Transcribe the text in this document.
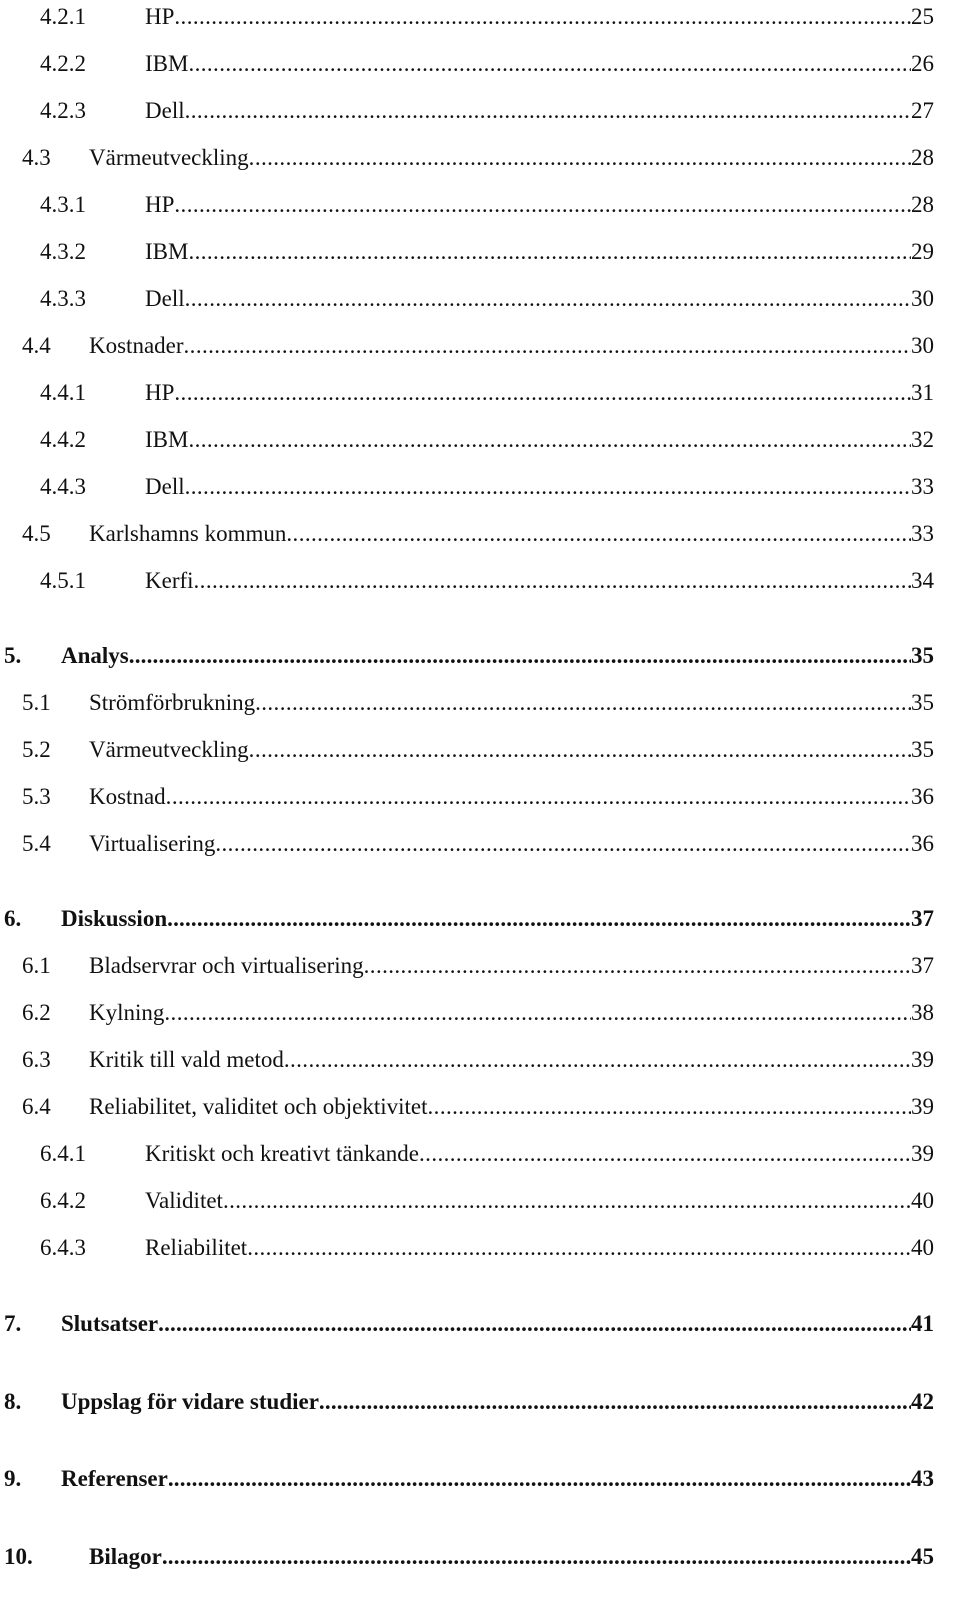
4.2.1	HP .....	25
4.2.2	IBM .....	26
4.2.3	Dell .....	27
4.3 Värmeutveckling .....	28
4.3.1	HP .....	28
4.3.2	IBM .....	29
4.3.3	Dell .....	30
4.4 Kostnader .....	30
4.4.1	HP .....	31
4.4.2	IBM .....	32
4.4.3	Dell .....	33
4.5 Karlshamns kommun .....	33
4.5.1	Kerfi .....	34
5. Analys .....	35
5.1 Strömförbrukning .....	35
5.2 Värmeutveckling .....	35
5.3 Kostnad .....	36
5.4 Virtualisering .....	36
6. Diskussion .....	37
6.1 Bladservrar och virtualisering .....	37
6.2 Kylning .....	38
6.3 Kritik till vald metod .....	39
6.4 Reliabilitet, validitet och objektivitet .....	39
6.4.1	Kritiskt och kreativt tänkande .....	39
6.4.2	Validitet .....	40
6.4.3	Reliabilitet .....	40
7. Slutsatser .....	41
8. Uppslag för vidare studier .....	42
9. Referenser .....	43
10. Bilagor .....	45
